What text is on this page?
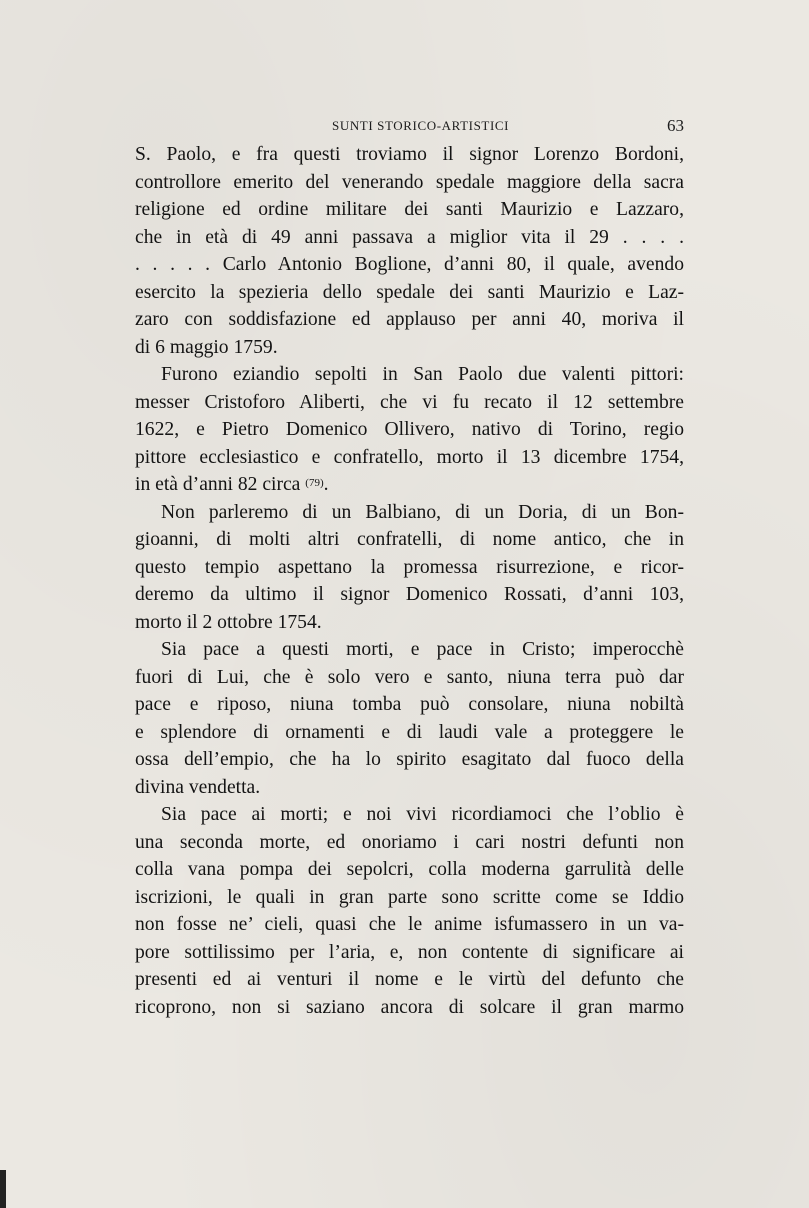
SUNTI STORICO-ARTISTICI	63

S. Paolo, e fra questi troviamo il signor Lorenzo Bordoni,

controllore emerito del venerando spedale maggiore della sacra

religione ed ordine militare dei santi Maurizio e Lazzaro,

che in età di 49 anni passava a miglior vita il 29 . . . .

. . . . . Carlo Antonio Boglione, d’anni 80, il quale, avendo

esercito la spezieria dello spedale dei santi Maurizio e Laz-

zaro con soddisfazione ed applauso per anni 40, moriva il

di 6 maggio 1759.

Furono eziandio sepolti in San Paolo due valenti pittori:

messer Cristoforo Aliberti, che vi fu recato il 12 settembre

1622, e Pietro Domenico Ollivero, nativo di Torino, regio

pittore ecclesiastico e confratello, morto il 13 dicembre 1754,

in età d’anni 82 circa $^{(79)}$.

Non parleremo di un Balbiano, di un Doria, di un Bon-

gioanni, di molti altri confratelli, di nome antico, che in

questo tempio aspettano la promessa risurrezione, e ricor-

deremo da ultimo il signor Domenico Rossati, d’anni 103,

morto il 2 ottobre 1754.

Sia pace a questi morti, e pace in Cristo; imperocchè

fuori di Lui, che è solo vero e santo, niuna terra può dar

pace e riposo, niuna tomba può consolare, niuna nobiltà

e splendore di ornamenti e di laudi vale a proteggere le

ossa dell’empio, che ha lo spirito esagitato dal fuoco della

divina vendetta.

Sia pace ai morti; e noi vivi ricordiamoci che l’oblio è

una seconda morte, ed onoriamo i cari nostri defunti non

colla vana pompa dei sepolcri, colla moderna garrulità delle

iscrizioni, le quali in gran parte sono scritte come se Iddio

non fosse ne’ cieli, quasi che le anime isfumassero in un va-

pore sottilissimo per l’aria, e, non contente di significare ai

presenti ed ai venturi il nome e le virtù del defunto che

ricoprono, non si saziano ancora di solcare il gran marmo
